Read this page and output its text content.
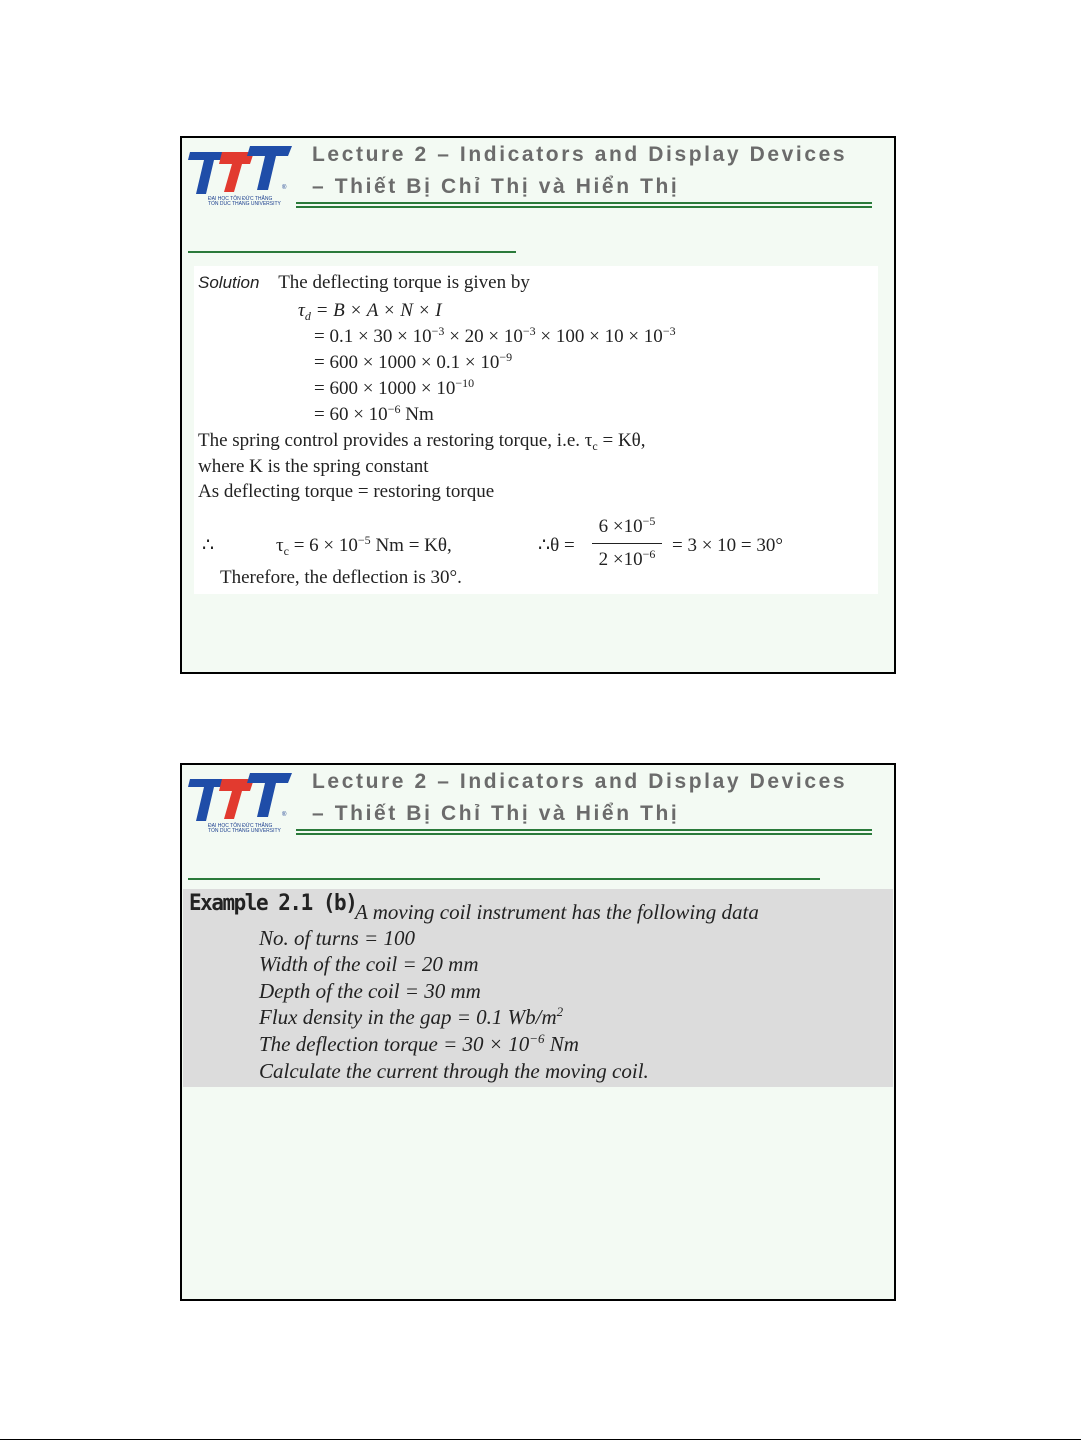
®
ĐẠI HỌC TÔN ĐỨC THẮNG
TON DUC THANG UNIVERSITY
Lecture 2 – Indicators and Display Devices
– Thiết Bị Chỉ Thị và Hiển Thị
Solution The deflecting torque is given by
$\tau_d = B \times A \times N \times I$
= $0.1 \times 30 \times 10^{-3} \times 20 \times 10^{-3} \times 100 \times 10 \times 10^{-3}$
= $600 \times 1000 \times 0.1 \times 10^{-9}$
= $600 \times 1000 \times 10^{-10}$
= $60 \times 10^{-6}$ Nm
The spring control provides a restoring torque, i.e. $\tau_c = K\theta$,
where K is the spring constant
As deflecting torque = restoring torque
∴	$\tau_c = 6 \times 10^{-5}$ Nm = Kθ,	∴θ =
$6 \times 10^{-5}$
$2 \times 10^{-6} = 3 \times 10 = 30^\circ$
Therefore, the deflection is 30°.
®
ĐẠI HỌC TÔN ĐỨC THẮNG
TON DUC THANG UNIVERSITY
Lecture 2 – Indicators and Display Devices
– Thiết Bị Chỉ Thị và Hiển Thị
Example 2.1 (b)
A moving coil instrument has the following data
No. of turns = 100
Width of the coil = 20 mm
Depth of the coil = 30 mm
Flux density in the gap = 0.1 $Wb/m^2$
The deflection torque = $30 \times 10^{-6}$ Nm
Calculate the current through the moving coil.
